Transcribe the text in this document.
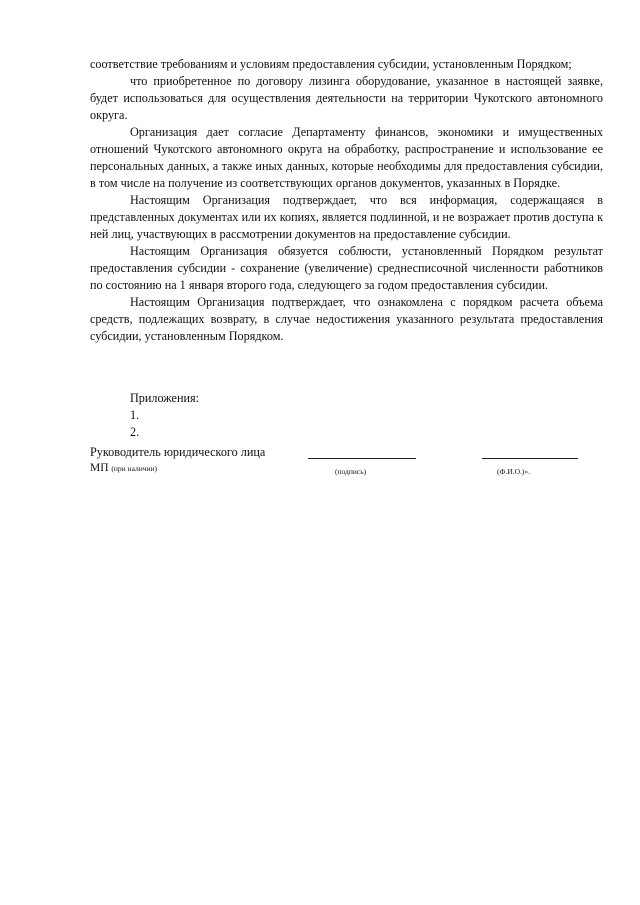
соответствие требованиям и условиям предоставления субсидии, установленным Порядком;

что приобретенное по договору лизинга оборудование, указанное в настоящей заявке, будет использоваться для осуществления деятельности на территории Чукотского автономного округа.

Организация дает согласие Департаменту финансов, экономики и имущественных отношений Чукотского автономного округа на обработку, распространение и использование ее персональных данных, а также иных данных, которые необходимы для предоставления субсидии, в том числе на получение из соответствующих органов документов, указанных в Порядке.

Настоящим Организация подтверждает, что вся информация, содержащаяся в представленных документах или их копиях, является подлинной, и не возражает против доступа к ней лиц, участвующих в рассмотрении документов на предоставление субсидии.

Настоящим Организация обязуется соблюсти, установленный Порядком результат предоставления субсидии - сохранение (увеличение) среднесписочной численности работников по состоянию на 1 января второго года, следующего за годом предоставления субсидии.

Настоящим Организация подтверждает, что ознакомлена с порядком расчета объема средств, подлежащих возврату, в случае недостижения указанного результата предоставления субсидии, установленным Порядком.

Приложения:
1.
2.
Руководитель юридического лица
МП (при наличии)	(подпись)	(Ф.И.О.)».
